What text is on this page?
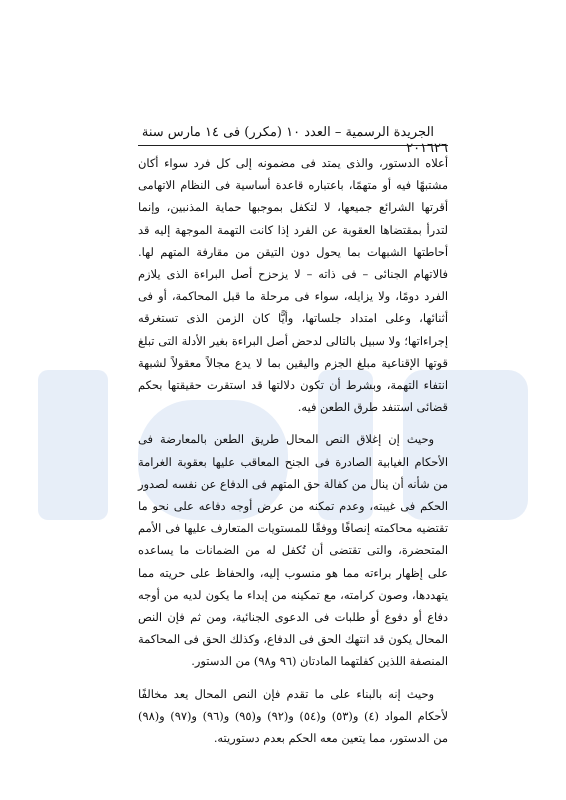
٢٦
الجريدة الرسمية – العدد ١٠ (مكرر) فى ١٤ مارس سنة ٢٠١٦

أعلاه الدستور، والذى يمتد فى مضمونه إلى كل فرد سواء أكان مشتبهًا فيه أو متهمًا، باعتباره قاعدة أساسية فى النظام الاتهامى أقرتها الشرائع جميعها، لا لتكفل بموجبها حماية المذنبين، وإنما لتدرأ بمقتضاها العقوبة عن الفرد إذا كانت التهمة الموجهة إليه قد أحاطتها الشبهات بما يحول دون التيقن من مقارفة المتهم لها. فالاتهام الجنائى – فى ذاته – لا يزحزح أصل البراءة الذى يلازم الفرد دومًا، ولا يزايله، سواء فى مرحلة ما قبل المحاكمة، أو فى أثنائها، وعلى امتداد جلساتها، وأيًّا كان الزمن الذى تستغرقه إجراءاتها؛ ولا سبيل بالتالى لدحض أصل البراءة بغير الأدلة التى تبلغ قوتها الإقناعية مبلغ الجزم واليقين بما لا يدع مجالاً معقولاً لشبهة انتفاء التهمة، وبشرط أن تكون دلالتها قد استقرت حقيقتها بحكم قضائى استنفد طرق الطعن فيه.

وحيث إن إغلاق النص المحال طريق الطعن بالمعارضة فى الأحكام الغيابية الصادرة فى الجنح المعاقب عليها بعقوبة الغرامة من شأنه أن ينال من كفالة حق المتهم فى الدفاع عن نفسه لصدور الحكم فى غيبته، وعدم تمكنه من عرض أوجه دفاعه على نحو ما تقتضيه محاكمته إنصافًا ووفقًا للمستويات المتعارف عليها فى الأمم المتحضرة، والتى تقتضى أن تُكفل له من الضمانات ما يساعده على إظهار براءته مما هو منسوب إليه، والحفاظ على حريته مما يتهددها، وصون كرامته، مع تمكينه من إبداء ما يكون لديه من أوجه دفاع أو دفوع أو طلبات فى الدعوى الجنائية، ومن ثم فإن النص المحال يكون قد انتهك الحق فى الدفاع، وكذلك الحق فى المحاكمة المنصفة اللذين كفلتهما المادتان (٩٦ و٩٨) من الدستور.

وحيث إنه بالبناء على ما تقدم فإن النص المحال يعد مخالفًا لأحكام المواد (٤) و(٥٣) و(٥٤) و(٩٢) و(٩٥) و(٩٦) و(٩٧) و(٩٨) من الدستور، مما يتعين معه الحكم بعدم دستوريته.
